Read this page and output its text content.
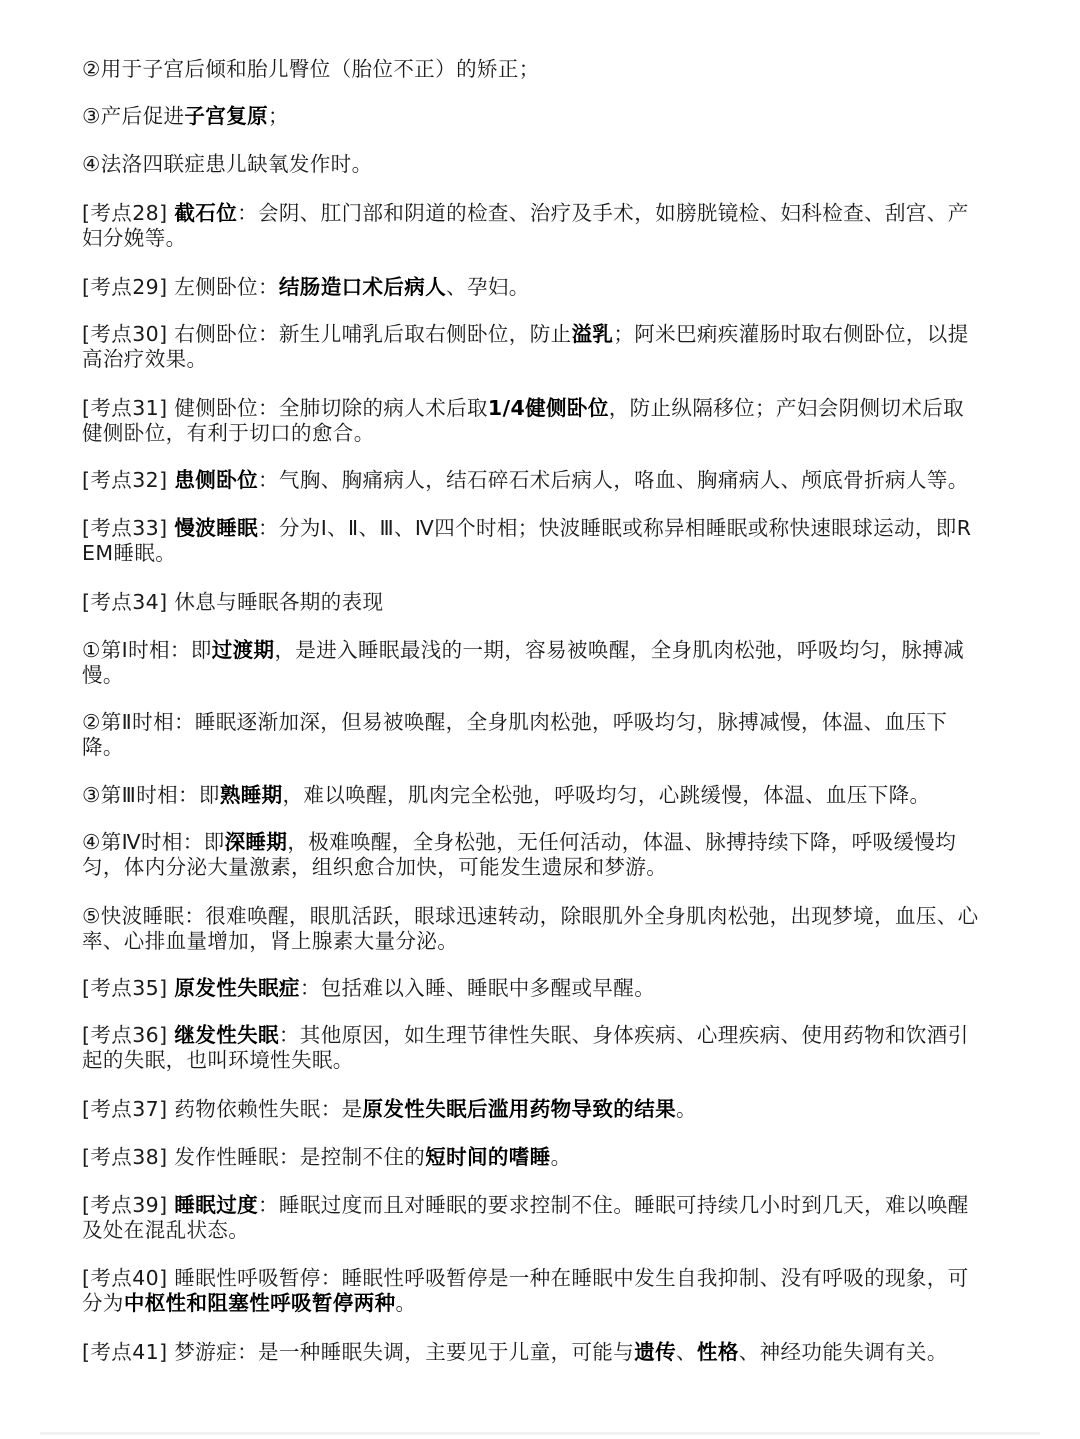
②用于子宫后倾和胎儿臀位（胎位不正）的矫正；
③产后促进子宫复原；
④法洛四联症患儿缺氧发作时。
[考点28] 截石位：会阴、肛门部和阴道的检查、治疗及手术，如膀胱镜检、妇科检查、刮宫、产妇分娩等。
[考点29] 左侧卧位：结肠造口术后病人、孕妇。
[考点30] 右侧卧位：新生儿哺乳后取右侧卧位，防止溢乳；阿米巴痢疾灌肠时取右侧卧位，以提高治疗效果。
[考点31] 健侧卧位：全肺切除的病人术后取1/4健侧卧位，防止纵隔移位；产妇会阴侧切术后取健侧卧位，有利于切口的愈合。
[考点32] 患侧卧位：气胸、胸痛病人，结石碎石术后病人，咯血、胸痛病人、颅底骨折病人等。
[考点33] 慢波睡眠：分为Ⅰ、Ⅱ、Ⅲ、Ⅳ四个时相；快波睡眠或称异相睡眠或称快速眼球运动，即REM睡眠。
[考点34] 休息与睡眠各期的表现
①第Ⅰ时相：即过渡期，是进入睡眠最浅的一期，容易被唤醒，全身肌肉松弛，呼吸均匀，脉搏减慢。
②第Ⅱ时相：睡眠逐渐加深，但易被唤醒，全身肌肉松弛，呼吸均匀，脉搏减慢，体温、血压下降。
③第Ⅲ时相：即熟睡期，难以唤醒，肌肉完全松弛，呼吸均匀，心跳缓慢，体温、血压下降。
④第Ⅳ时相：即深睡期，极难唤醒，全身松弛，无任何活动，体温、脉搏持续下降，呼吸缓慢均匀，体内分泌大量激素，组织愈合加快，可能发生遗尿和梦游。
⑤快波睡眠：很难唤醒，眼肌活跃，眼球迅速转动，除眼肌外全身肌肉松弛，出现梦境，血压、心率、心排血量增加，肾上腺素大量分泌。
[考点35] 原发性失眠症：包括难以入睡、睡眠中多醒或早醒。
[考点36] 继发性失眠：其他原因，如生理节律性失眠、身体疾病、心理疾病、使用药物和饮酒引起的失眠，也叫环境性失眠。
[考点37] 药物依赖性失眠：是原发性失眠后滥用药物导致的结果。
[考点38] 发作性睡眠：是控制不住的短时间的嗜睡。
[考点39] 睡眠过度：睡眠过度而且对睡眠的要求控制不住。睡眠可持续几小时到几天，难以唤醒及处在混乱状态。
[考点40] 睡眠性呼吸暂停：睡眠性呼吸暂停是一种在睡眠中发生自我抑制、没有呼吸的现象，可分为中枢性和阻塞性呼吸暂停两种。
[考点41] 梦游症：是一种睡眠失调，主要见于儿童，可能与遗传、性格、神经功能失调有关。
